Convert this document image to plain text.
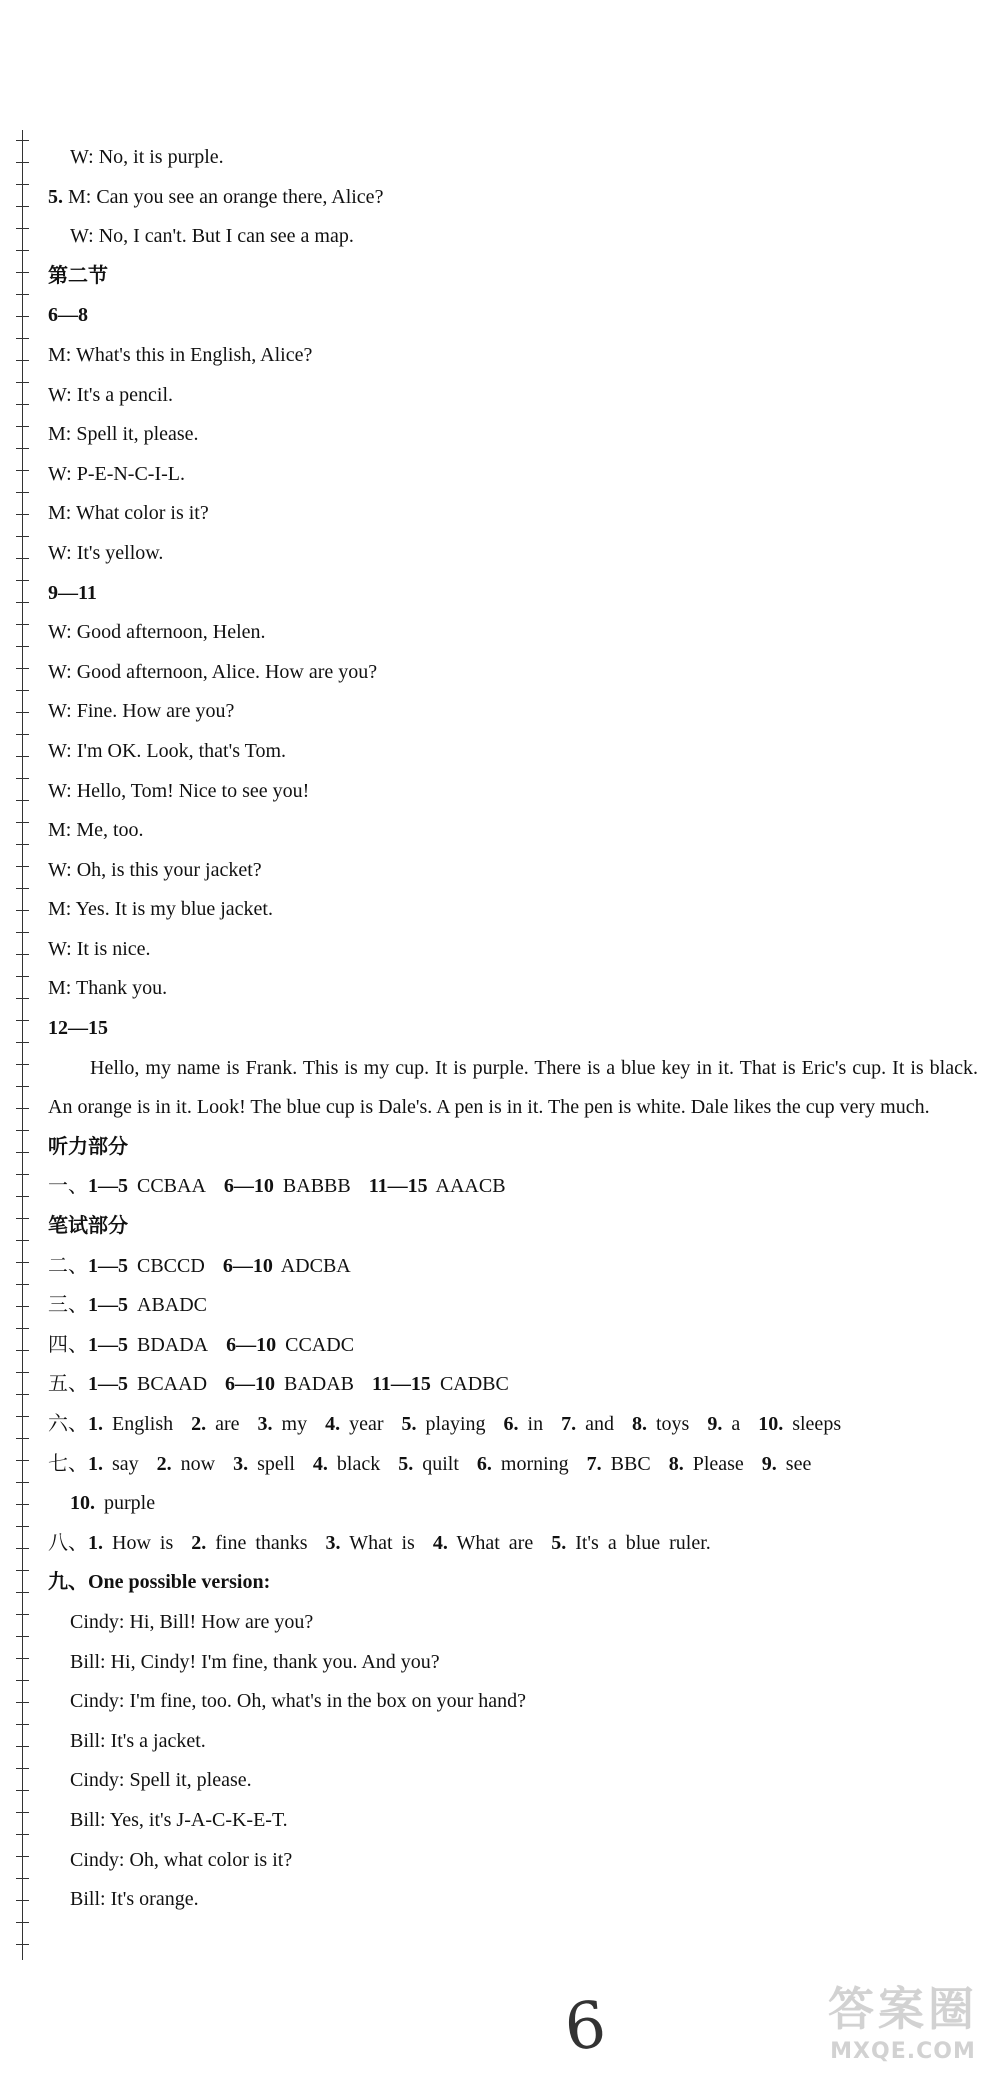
W: No, it is purple.
5. M: Can you see an orange there, Alice?
W: No, I can't. But I can see a map.
第二节
6—8
M: What's this in English, Alice?
W: It's a pencil.
M: Spell it, please.
W: P-E-N-C-I-L.
M: What color is it?
W: It's yellow.
9—11
W: Good afternoon, Helen.
W: Good afternoon, Alice. How are you?
W: Fine. How are you?
W: I'm OK. Look, that's Tom.
W: Hello, Tom! Nice to see you!
M: Me, too.
W: Oh, is this your jacket?
M: Yes. It is my blue jacket.
W: It is nice.
M: Thank you.
12—15
Hello, my name is Frank. This is my cup. It is purple. There is a blue key in it. That is Eric's cup. It is black. An orange is in it. Look! The blue cup is Dale's. A pen is in it. The pen is white. Dale likes the cup very much.
听力部分
一、1—5 CCBAA 6—10 BABBB 11—15 AAACB
笔试部分
二、1—5 CBCCD 6—10 ADCBA
三、1—5 ABADC
四、1—5 BDADA 6—10 CCADC
五、1—5 BCAAD 6—10 BADAB 11—15 CADBC
六、1. English 2. are 3. my 4. year 5. playing 6. in 7. and 8. toys 9. a 10. sleeps
七、1. say 2. now 3. spell 4. black 5. quilt 6. morning 7. BBC 8. Please 9. see
10. purple
八、1. How is 2. fine thanks 3. What is 4. What are 5. It's a blue ruler.
九、One possible version:
Cindy: Hi, Bill! How are you?
Bill: Hi, Cindy! I'm fine, thank you. And you?
Cindy: I'm fine, too. Oh, what's in the box on your hand?
Bill: It's a jacket.
Cindy: Spell it, please.
Bill: Yes, it's J-A-C-K-E-T.
Cindy: Oh, what color is it?
Bill: It's orange.
6	答案圈
MXQE.COM
